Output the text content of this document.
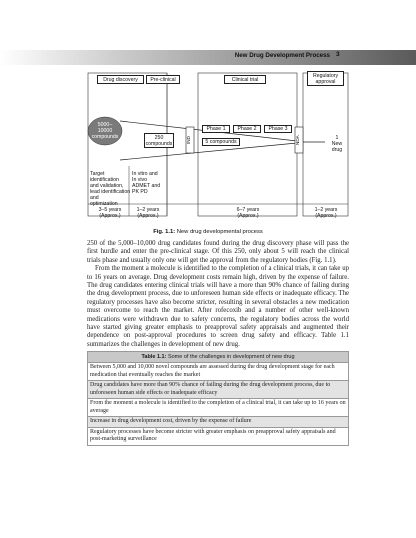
New Drug Development Process 3
Drug discovery	Pre-clinical	Clinical trial
Regulatory
approval
5000–
10000
compounds	250
compounds
IND	NDA
Phase 1	Phase 2	Phase 3
5 compounds
1
New
drug
Target identification
and validation,
lead identification
and
optimization
In vitro and
In vivo
ADMET and
PK PD
3–5 years
(Approx.)
1–2 years
(Approx.)
6–7 years
(Approx.)
1–2 years
(Approx.)
Fig. 1.1: New drug developmental process

250 of the 5,000–10,000 drug candidates found during the drug discovery phase will pass the first hurdle and enter the pre-clinical stage. Of this 250, only about 5 will reach the clinical trials phase and usually only one will get the approval from the regulatory bodies (Fig. 1.1).

From the moment a molecule is identified to the completion of a clinical trials, it can take up to 16 years on average. Drug development costs remain high, driven by the expense of failure. The drug candidates entering clinical trials will have a more than 90% chance of failing during the drug development process, due to unforeseen human side effects or inadequate efficacy. The regulatory processes have also become stricter, resulting in several obstacles a new medication must overcome to reach the market. After rofecoxib and a number of other well-known medications were withdrawn due to safety concerns, the regulatory bodies across the world have started giving greater emphasis to preapproval safety appraisals and augmented their dependence on post-approval procedures to screen drug safety and efficacy. Table 1.1 summarizes the challenges in development of new drug.

Table 1.1: Some of the challenges in development of new drug
Between 5,000 and 10,000 novel compounds are assessed during the drug development stage for each medication that eventually reaches the market
Drug candidates have more than 90% chance of failing during the drug development process, due to unforeseen human side effects or inadequate efficacy
From the moment a molecule is identified to the completion of a clinical trial, it can take up to 16 years on average
Increase in drug development cost, driven by the expense of failure
Regulatory processes have become stricter with greater emphasis on preapproval safety appraisals and post-marketing surveillance
